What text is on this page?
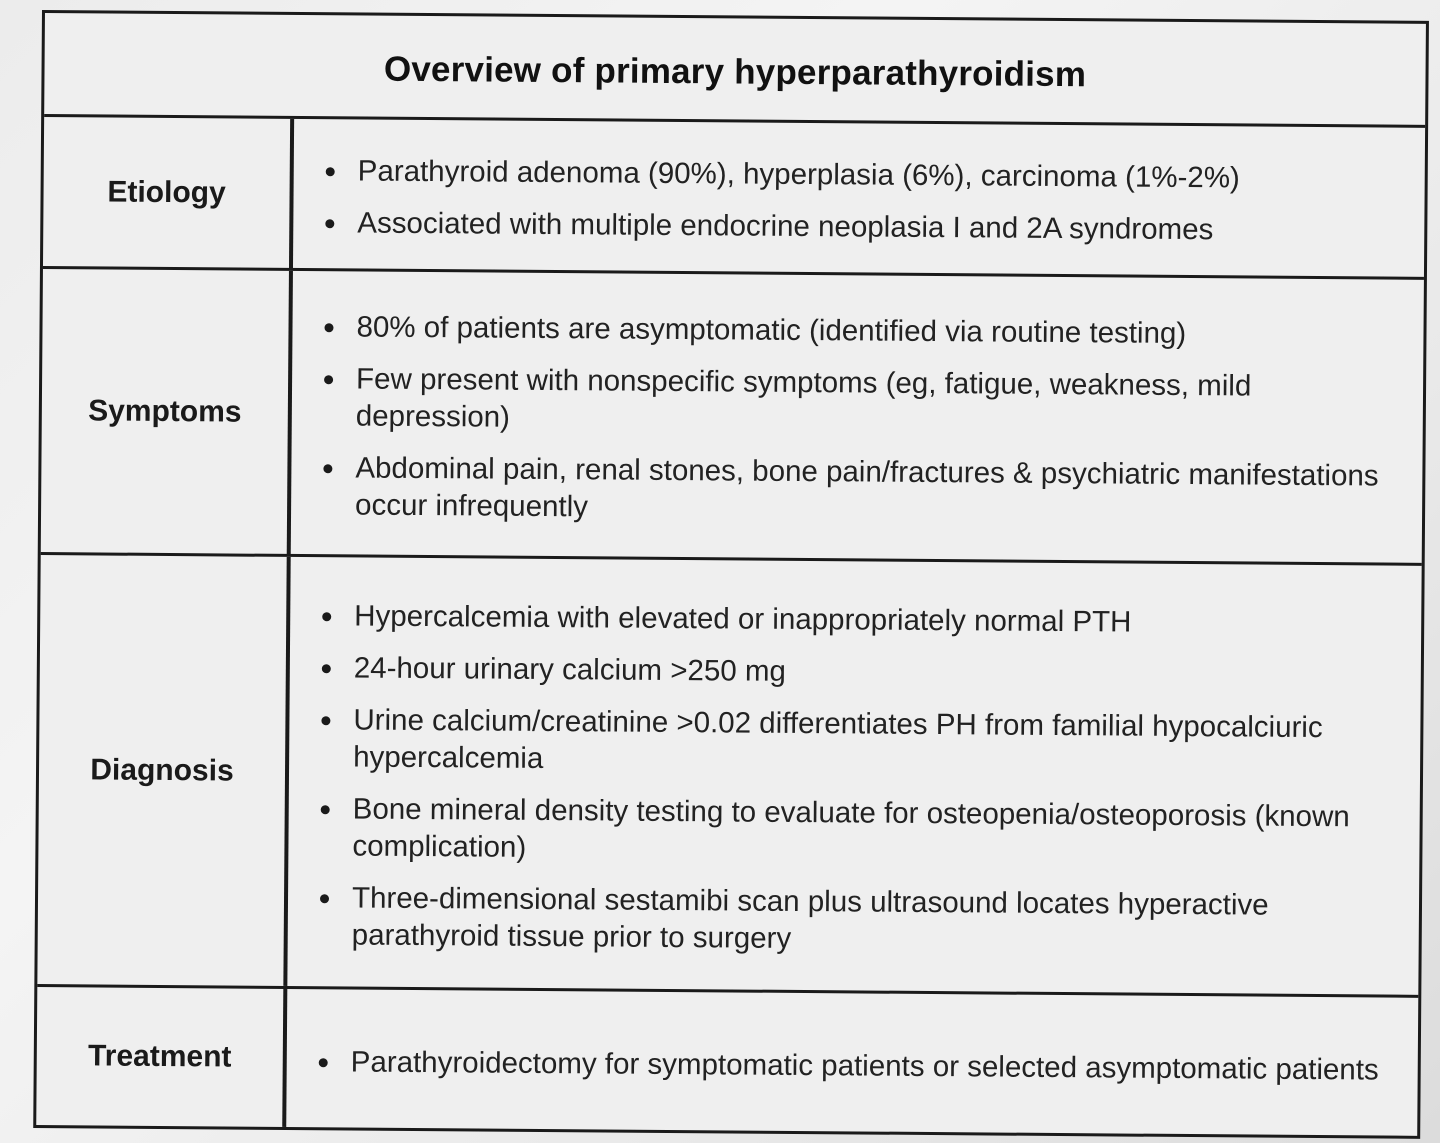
Overview of primary hyperparathyroidism
Etiology	Parathyroid adenoma (90%), hyperplasia (6%), carcinoma (1%-2%)
Associated with multiple endocrine neoplasia I and 2A syndromes
Symptoms
80% of patients are asymptomatic (identified via routine testing)
Few present with nonspecific symptoms (eg, fatigue, weakness, mild depression)
Abdominal pain, renal stones, bone pain/fractures & psychiatric manifestations occur infrequently
Diagnosis
Hypercalcemia with elevated or inappropriately normal PTH
24-hour urinary calcium >250 mg
Urine calcium/creatinine >0.02 differentiates PH from familial hypocalciuric hypercalcemia
Bone mineral density testing to evaluate for osteopenia/osteoporosis (known complication)
Three-dimensional sestamibi scan plus ultrasound locates hyperactive parathyroid tissue prior to surgery
Treatment	Parathyroidectomy for symptomatic patients or selected asymptomatic patients
